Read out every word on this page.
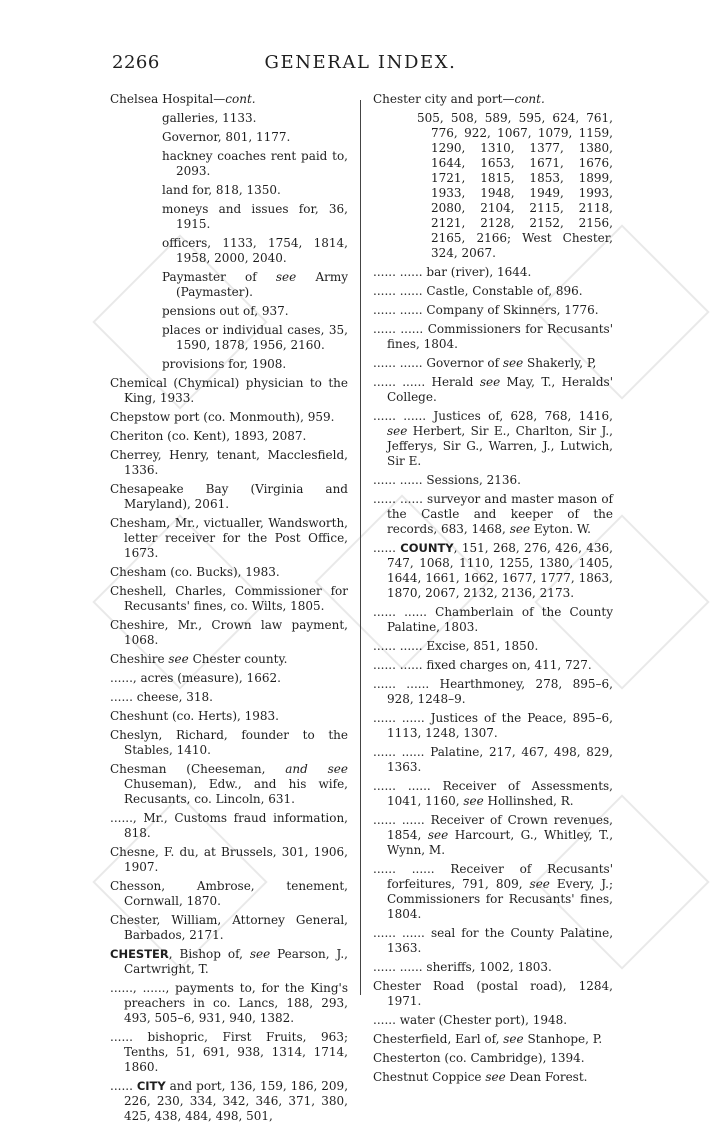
2266	GENERAL INDEX.

Chelsea Hospital—cont.

galleries, 1133.

Governor, 801, 1177.

hackney coaches rent paid to, 2093.

land for, 818, 1350.

moneys and issues for, 36, 1915.

officers, 1133, 1754, 1814, 1958, 2000, 2040.

Paymaster of see Army (Paymaster).

pensions out of, 937.

places or individual cases, 35, 1590, 1878, 1956, 2160.

provisions for, 1908.

Chemical (Chymical) physician to the King, 1933.

Chepstow port (co. Monmouth), 959.

Cheriton (co. Kent), 1893, 2087.

Cherrey, Henry, tenant, Macclesfield, 1336.

Chesapeake Bay (Virginia and Maryland), 2061.

Chesham, Mr., victualler, Wandsworth, letter receiver for the Post Office, 1673.

Chesham (co. Bucks), 1983.

Cheshell, Charles, Commissioner for Recusants' fines, co. Wilts, 1805.

Cheshire, Mr., Crown law payment, 1068.

Cheshire see Chester county.

......, acres (measure), 1662.

...... cheese, 318.

Cheshunt (co. Herts), 1983.

Cheslyn, Richard, founder to the Stables, 1410.

Chesman (Cheeseman, and see Chuseman), Edw., and his wife, Recusants, co. Lincoln, 631.

......, Mr., Customs fraud information, 818.

Chesne, F. du, at Brussels, 301, 1906, 1907.

Chesson, Ambrose, tenement, Cornwall, 1870.

Chester, William, Attorney General, Barbados, 2171.

CHESTER, Bishop of, see Pearson, J., Cartwright, T.

......, ......, payments to, for the King's preachers in co. Lancs, 188, 293, 493, 505–6, 931, 940, 1382.

...... bishopric, First Fruits, 963; Tenths, 51, 691, 938, 1314, 1714, 1860.

...... CITY and port, 136, 159, 186, 209, 226, 230, 334, 342, 346, 371, 380, 425, 438, 484, 498, 501,

Chester city and port—cont.

505, 508, 589, 595, 624, 761, 776, 922, 1067, 1079, 1159, 1290, 1310, 1377, 1380, 1644, 1653, 1671, 1676, 1721, 1815, 1853, 1899, 1933, 1948, 1949, 1993, 2080, 2104, 2115, 2118, 2121, 2128, 2152, 2156, 2165, 2166; West Chester, 324, 2067.

...... ...... bar (river), 1644.

...... ...... Castle, Constable of, 896.

...... ...... Company of Skinners, 1776.

...... ...... Commissioners for Recusants' fines, 1804.

...... ...... Governor of see Shakerly, P,

...... ...... Herald see May, T., Heralds' College.

...... ...... Justices of, 628, 768, 1416, see Herbert, Sir E., Charlton, Sir J., Jefferys, Sir G., Warren, J., Lutwich, Sir E.

...... ...... Sessions, 2136.

...... ...... surveyor and master mason of the Castle and keeper of the records, 683, 1468, see Eyton. W.

...... COUNTY, 151, 268, 276, 426, 436, 747, 1068, 1110, 1255, 1380, 1405, 1644, 1661, 1662, 1677, 1777, 1863, 1870, 2067, 2132, 2136, 2173.

...... ...... Chamberlain of the County Palatine, 1803.

...... ...... Excise, 851, 1850.

...... ...... fixed charges on, 411, 727.

...... ...... Hearthmoney, 278, 895–6, 928, 1248–9.

...... ...... Justices of the Peace, 895–6, 1113, 1248, 1307.

...... ...... Palatine, 217, 467, 498, 829, 1363.

...... ...... Receiver of Assessments, 1041, 1160, see Hollinshed, R.

...... ...... Receiver of Crown revenues, 1854, see Harcourt, G., Whitley, T., Wynn, M.

...... ...... Receiver of Recusants' forfeitures, 791, 809, see Every, J.; Commissioners for Recusants' fines, 1804.

...... ...... seal for the County Palatine, 1363.

...... ...... sheriffs, 1002, 1803.

Chester Road (postal road), 1284, 1971.

...... water (Chester port), 1948.

Chesterfield, Earl of, see Stanhope, P.

Chesterton (co. Cambridge), 1394.

Chestnut Coppice see Dean Forest.
